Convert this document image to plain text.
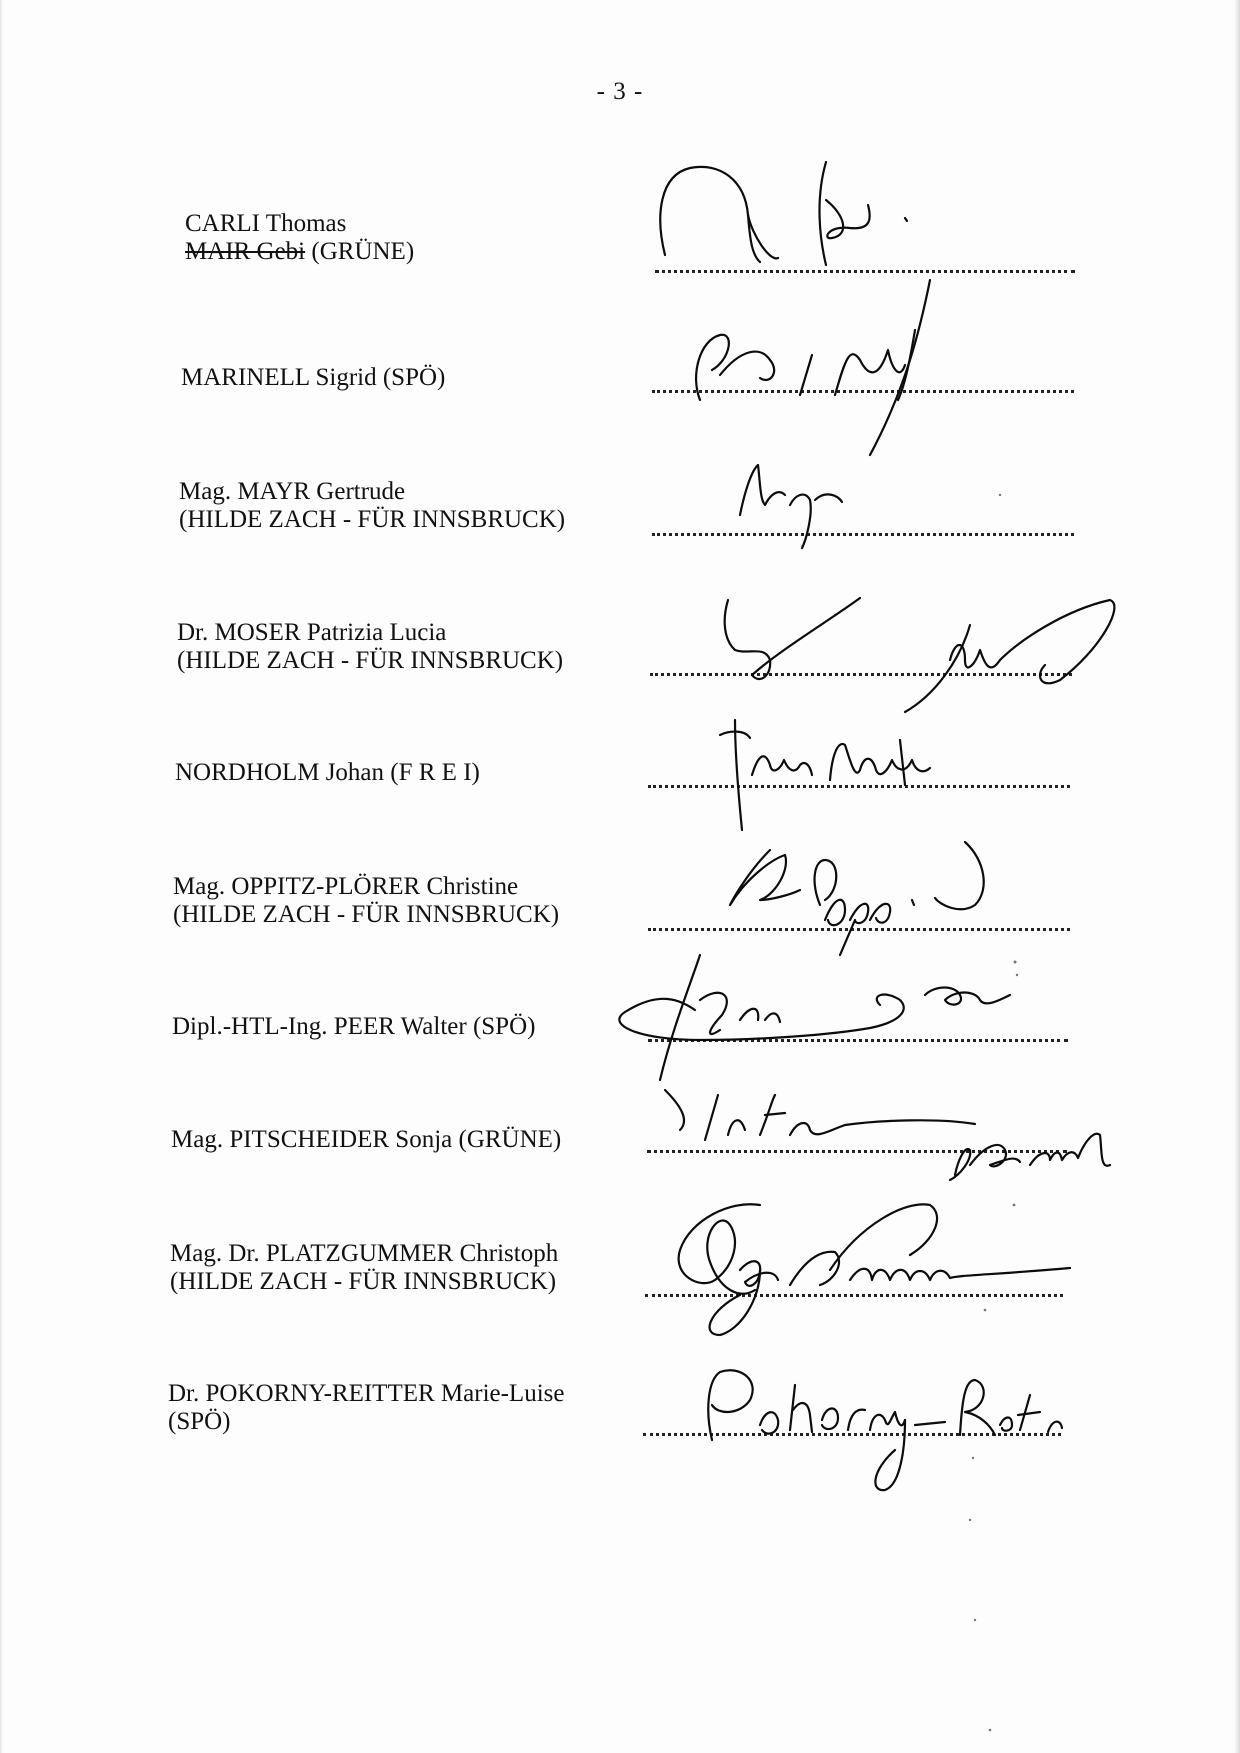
- 3 -
CARLI Thomas
MAIR Gebi (GRÜNE)
MARINELL Sigrid (SPÖ)
Mag. MAYR Gertrude
(HILDE ZACH - FÜR INNSBRUCK)
Dr. MOSER Patrizia Lucia
(HILDE ZACH - FÜR INNSBRUCK)
NORDHOLM Johan (F R E I)
Mag. OPPITZ-PLÖRER Christine
(HILDE ZACH - FÜR INNSBRUCK)
Dipl.-HTL-Ing. PEER Walter (SPÖ)
Mag. PITSCHEIDER Sonja (GRÜNE)
Mag. Dr. PLATZGUMMER Christoph
(HILDE ZACH - FÜR INNSBRUCK)
Dr. POKORNY-REITTER Marie-Luise
(SPÖ)
